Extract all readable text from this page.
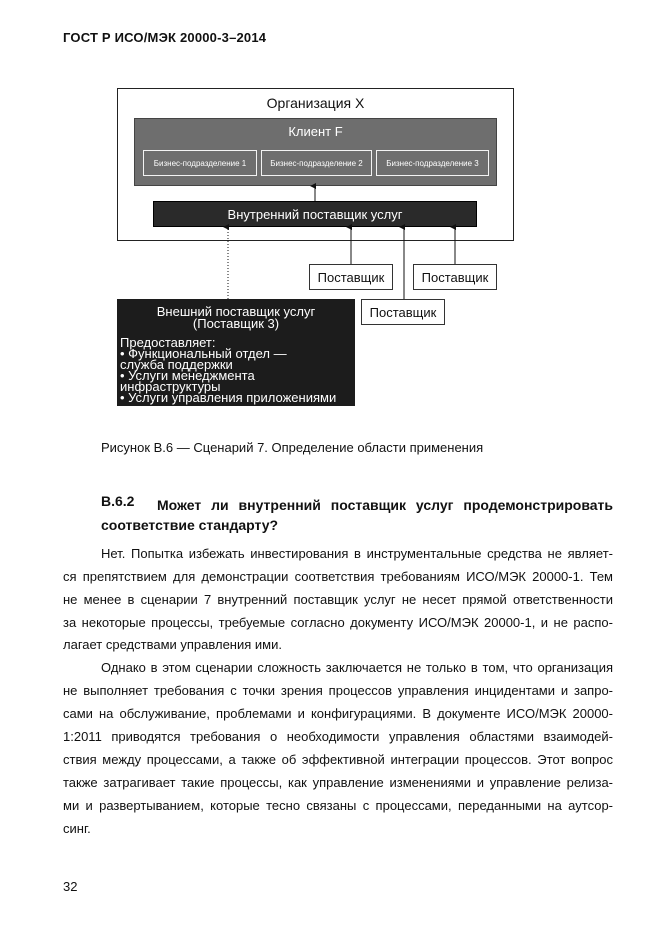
ГОСТ Р ИСО/МЭК 20000-3–2014
Организация X
Клиент F
Бизнес-подразделение 1	Бизнес-подразделение 2	Бизнес-подразделение 3
Внутренний поставщик услуг
Поставщик	Поставщик
Поставщик
Внешний поставщик услуг
(Поставщик 3)
Предоставляет:
• Функциональный отдел —
служба поддержки
• Услуги менеджмента
инфраструктуры
• Услуги управления приложениями
Рисунок В.6 — Сценарий 7. Определение области применения
В.6.2 Может ли внутренний поставщик услуг продемонстрировать
соответствие стандарту?
Нет. Попытка избежать инвестирования в инструментальные средства не являет-
ся препятствием для демонстрации соответствия требованиям ИСО/МЭК 20000-1. Тем
не менее в сценарии 7 внутренний поставщик услуг не несет прямой ответственности
за некоторые процессы, требуемые согласно документу ИСО/МЭК 20000-1, и не распо-
лагает средствами управления ими.
Однако в этом сценарии сложность заключается не только в том, что организация
не выполняет требования с точки зрения процессов управления инцидентами и запро-
сами на обслуживание, проблемами и конфигурациями. В документе ИСО/МЭК 20000-
1:2011 приводятся требования о необходимости управления областями взаимодей-
ствия между процессами, а также об эффективной интеграции процессов. Этот вопрос
также затрагивает такие процессы, как управление изменениями и управление релиза-
ми и развертыванием, которые тесно связаны с процессами, переданными на аутсор-
синг.
32
